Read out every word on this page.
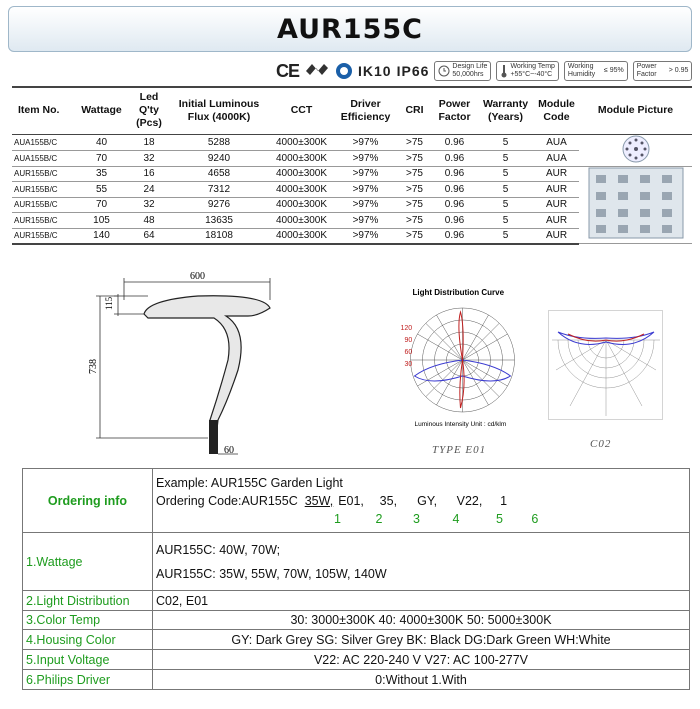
AUR155C
CE	IK10 IP66	Design Life
50,000hrs
Working Temp
+55°C~-40°C
Working Humidity
≤ 95%
Power Factor
> 0.95
Item No.	Wattage	Led Q'ty (Pcs)	Initial Luminous Flux (4000K)	CCT	Driver Efficiency	CRI	Power Factor	Warranty (Years)	Module Code	Module Picture
AUA155B/C	40	18	5288	4000±300K	>97%	>75	0.96	5	AUA	
AUA155B/C	70	32	9240	4000±300K	>97%	>75	0.96	5	AUA	
AUR155B/C	35	16	4658	4000±300K	>97%	>75	0.96	5	AUR	
AUR155B/C	55	24	7312	4000±300K	>97%	>75	0.96	5	AUR	
AUR155B/C	70	32	9276	4000±300K	>97%	>75	0.96	5	AUR	
AUR155B/C	105	48	13635	4000±300K	>97%	>75	0.96	5	AUR	
AUR155B/C	140	64	18108	4000±300K	>97%	>75	0.96	5	AUR	
600
115
738
60
Light Distribution Curve
120
90
60
30
Luminous Intensity Unit : cd/klm
TYPE E01	C02
Ordering info	Example: AUR155C Garden Light
Ordering Code:AUR155C 35W, E01, 35, GY, V22, 1
1 2 3 4 5 6

1.Wattage	AUR155C: 40W, 70W;
AUR155C: 35W, 55W, 70W, 105W, 140W

2.Light Distribution	C02, E01
3.Color Temp	30: 3000±300K 40: 4000±300K 50: 5000±300K
4.Housing Color	GY: Dark Grey SG: Silver Grey BK: Black DG:Dark Green WH:White
5.Input Voltage	V22: AC 220-240 V V27: AC 100-277V
6.Philips Driver	0:Without 1.With
